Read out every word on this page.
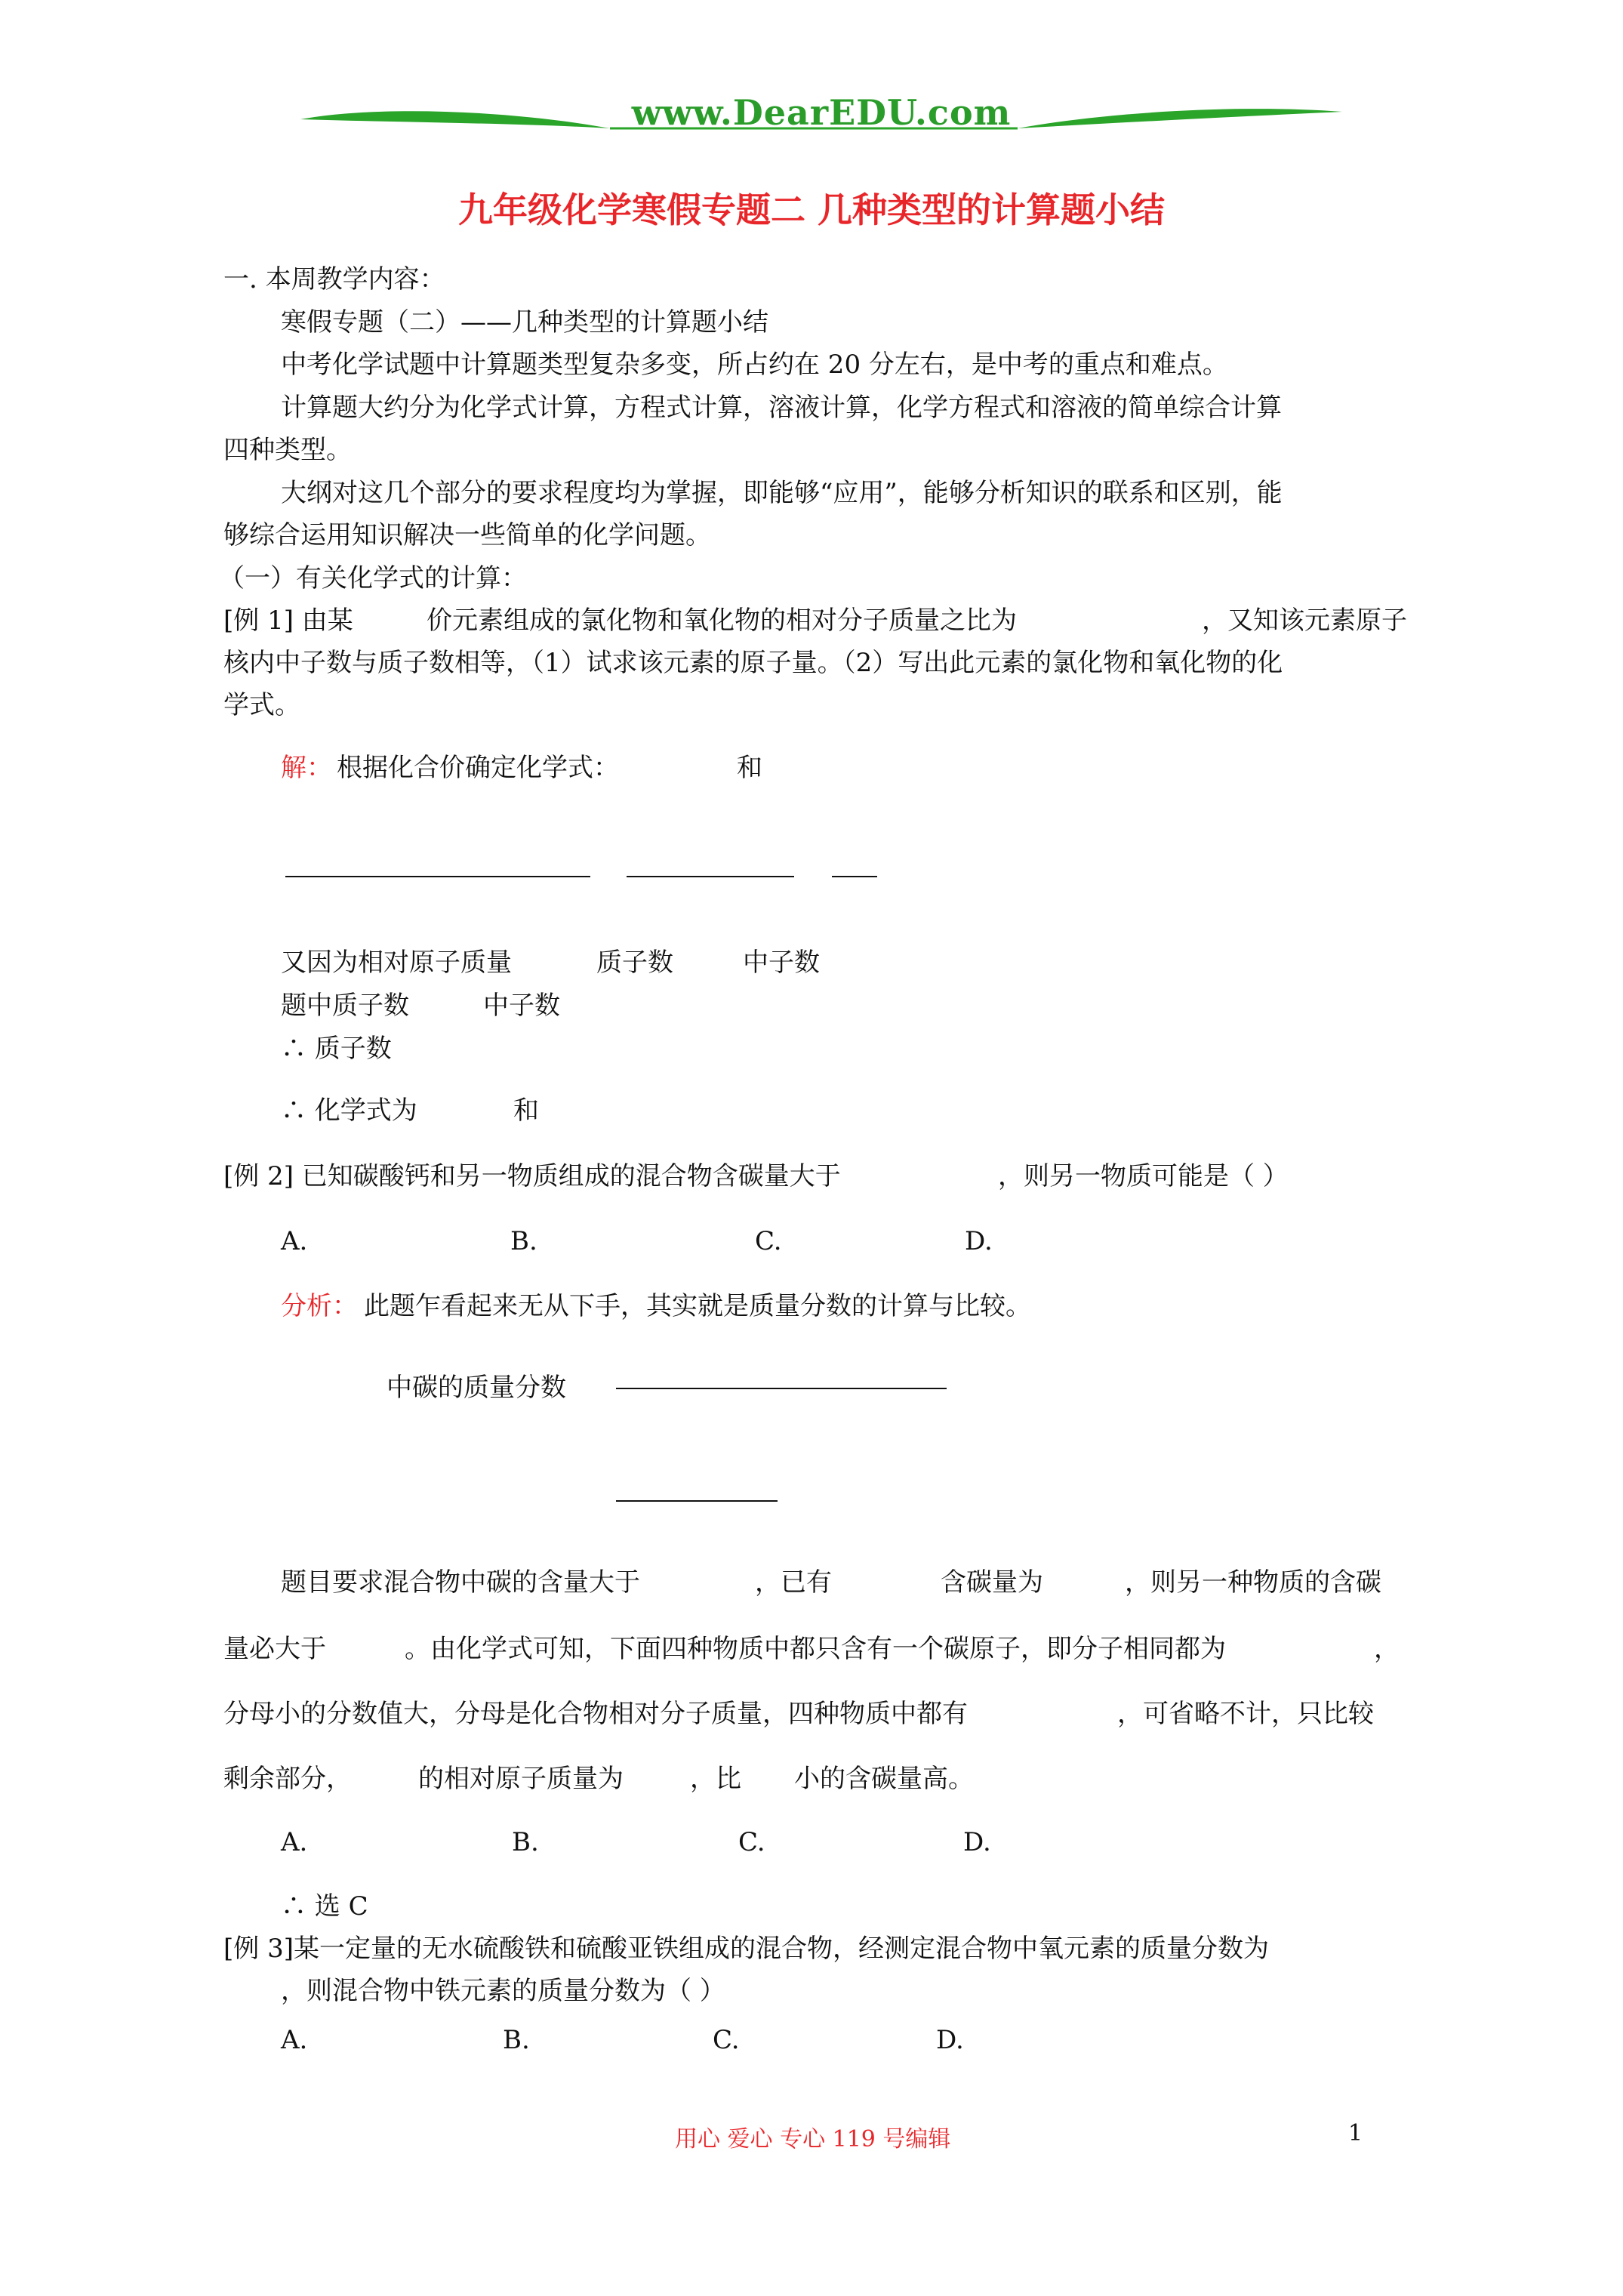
www.DearEDU.com
九年级化学寒假专题二 几种类型的计算题小结
一. 本周教学内容：
寒假专题（二）——几种类型的计算题小结
中考化学试题中计算题类型复杂多变，所占约在 20 分左右，是中考的重点和难点。
计算题大约分为化学式计算，方程式计算，溶液计算，化学方程式和溶液的简单综合计算
四种类型。
大纲对这几个部分的要求程度均为掌握，即能够“应用”，能够分析知识的联系和区别，能
够综合运用知识解决一些简单的化学问题。
（一）有关化学式的计算：
[例 1] 由某	价元素组成的氯化物和氧化物的相对分子质量之比为	，又知该元素原子
核内中子数与质子数相等，（1）试求该元素的原子量。（2）写出此元素的氯化物和氧化物的化
学式。
解： 根据化合价确定化学式：	和
又因为相对原子质量	质子数	中子数
题中质子数	中子数
∴ 质子数
∴ 化学式为	和
[例 2] 已知碳酸钙和另一物质组成的混合物含碳量大于	，则另一物质可能是（ ）
A.	B.	C.	D.
分析： 此题乍看起来无从下手，其实就是质量分数的计算与比较。
中碳的质量分数
题目要求混合物中碳的含量大于	，已有	含碳量为	，则另一种物质的含碳
量必大于	。由化学式可知，下面四种物质中都只含有一个碳原子，即分子相同都为	，
分母小的分数值大，分母是化合物相对分子质量，四种物质中都有	，可省略不计，只比较
剩余部分，	的相对原子质量为	，比 小的含碳量高。
A.	B.	C.	D.
∴ 选 C
[例 3]某一定量的无水硫酸铁和硫酸亚铁组成的混合物，经测定混合物中氧元素的质量分数为
，则混合物中铁元素的质量分数为（ ）
A.	B.	C.	D.
用心 爱心 专心 119 号编辑	1
